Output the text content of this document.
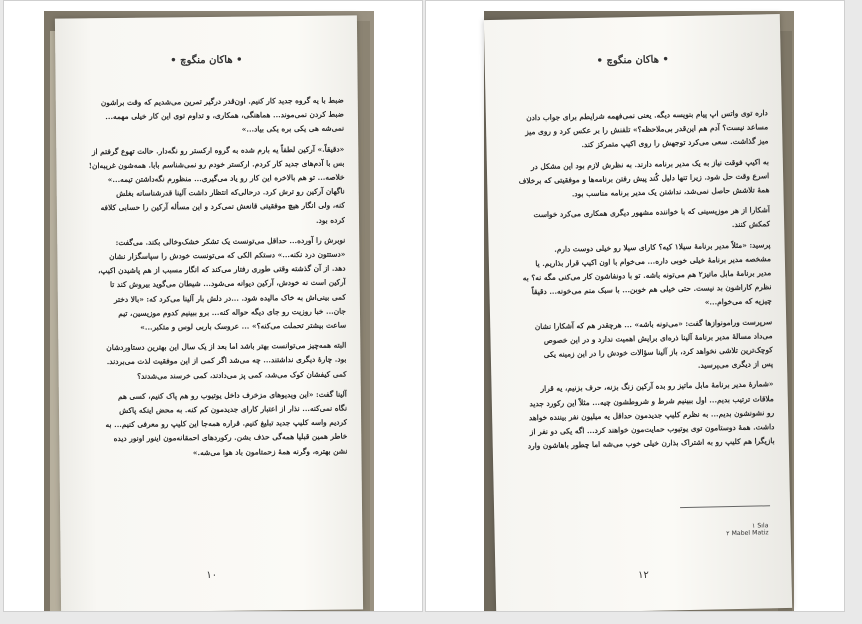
• هاکان منگوچ •

ضبط با یه گروه جدید کار کنیم. اون‌قدر درگیر تمرین می‌شدیم که وقت براشون
ضبط کردن نمی‌موند... هماهنگی، همکاری، و تداوم توی این کار خیلی مهمه...
نمی‌شه هی یکی بره یکی بیاد...»

«دقیقاً.» آرکین لطفاً یه بارم شده به گروه ارکستر رو نگه‌دار. حالت تهوع گرفتم از
بس با آدم‌های جدید کار کردم. ارکستر خودم رو نمی‌شناسم بابا. همه‌شون غریبه‌ان!
خلاصه... تو هم بالاخره این کار رو یاد می‌گیری... منظورم نگه‌داشتن تیمه...»
ناگهان آرکین رو ترش کرد. درحالی‌که انتظار داشت آلینا قدرشناسانه بغلش
کنه، ولی انگار هیچ موفقیتی قانعش نمی‌کرد و این مسأله آرکین را حسابی کلافه
کرده بود.

نوبرش را آورده... حداقل می‌تونست یک تشکر خشک‌وخالی بکند. می‌گفت:
«دستتون درد نکنه...» دستکم الکی که می‌تونست خودش را سپاسگزار نشان
دهد. از آن گذشته وقتی طوری رفتار می‌کند که انگار مسبب از هم پاشیدن اکیپ،
آرکین است نه خودش، آرکین دیوانه می‌شود... شیطان می‌گوید بیروش کند تا
کمی بینی‌اش به خاک مالیده شود. ...در دلش بار آلینا می‌کرد که: «بالا دختر
جان... خبا روزیت رو جای دیگه حواله کنه... برو ببینیم کدوم موزیسین، تیم
ساعت بیشتر تحملت می‌کنه؟» ... عروسک باربی لوس و متکبر...»

البته همه‌چیز می‌توانست بهتر باشد اما بعد از یک سال این بهترین دستاوردشان
بود. چارهٔ دیگری نداشتند... چه می‌شد اگر کمی از این موفقیت لذت می‌بردند.
کمی کیفشان کوک می‌شد، کمی پز می‌دادند، کمی خرسند می‌شدند؟

آلینا گفت: «این ویدیوهای مزخرف داخل یوتیوب رو هم پاک کنیم، کسی هم
نگاه نمی‌کنه... نذار از اعتبار کارای جدیدمون کم کنه. به محض اینکه پاکش
کردیم واسه کلیپ جدید تبلیغ کنیم. قراره همه‌جا این کلیپ رو معرفی کنیم... به
خاطر همین قبلیا همه‌گی حذف بشن. رکوردهای احمقانه‌مون اینور اونور دیده
نشن بهتره، وگرنه همهٔ زحمتامون باد هوا می‌شه.»

۱۰
• هاکان منگوچ •

داره توی واتس اپ پیام بنویسه دیگه. یعنی نمی‌فهمه شرایطم برای جواب دادن
مساعد نیست؟ آدم هم این‌قدر بی‌ملاحظه؟» تلفنش را بر عکس کرد و روی میز
میز گذاشت. سعی می‌کرد توجهش را روی اکیپ متمرکز کند.

به اکیپ فوقت نیاز به یک مدیر برنامه دارند. به نظرش لازم بود این مشکل در
اسرع وقت حل شود. زیرا تنها دلیل کُند پیش رفتن برنامه‌ها و موفقیتی که برخلاف
همهٔ تلاشش حاصل نمی‌شد، نداشتن یک مدیر برنامه مناسب بود.

آشکارا از هر موزیسینی که با خواننده مشهور دیگری همکاری می‌کرد خواست
کمکش کنند.

پرسید: «مثلاً مدیر برنامهٔ سیلا۱ کیه؟ کارای سیلا رو خیلی دوست دارم.
مشخصه مدیر برنامهٔ خیلی خوبی داره... می‌خوام با اون اکیپ قرار بذاریم. یا
مدیر برنامهٔ مابل ماتیز۲ هم می‌تونه باشه. تو با دونفاشون کار می‌کنی مگه نه؟ به
نظرم کاراشون بد نیست. حتی خیلی هم خوبن... با سبک منم می‌خونه... دقیقاً
چیزیه که می‌خوام...»

سرپرست ورامونوازها گفت: «می‌تونه باشه» ... هرچقدر هم که آشکارا نشان
می‌داد مسالهٔ مدیر برنامهٔ آلینا ذره‌ای برایش اهمیت ندارد و در این خصوص
کوچک‌ترین تلاشی نخواهد کرد، باز آلینا سؤالات خودش را در این زمینه یکی
پس از دیگری می‌پرسید.

«شمارهٔ مدیر برنامهٔ مابل ماتیز رو بده آرکین زنگ بزنه، حرف بزنیم، یه قرار
ملاقات ترتیب بدیم... اول ببینیم شرط و شروطشون چیه... مثلاً این رکورد جدید
رو نشونشون بدیم... به نظرم کلیپ جدیدمون حداقل یه میلیون نفر بیننده خواهد
داشت. همهٔ دوستامون توی یوتیوب حمایت‌مون خواهند کرد... اگه یکی دو نفر از
بازیگرا هم کلیپ رو به اشتراک بذارن خیلی خوب می‌شه اما چطور باهاشون وارد

۱ Sıla
۲ Mabel Matiz
۱۲
